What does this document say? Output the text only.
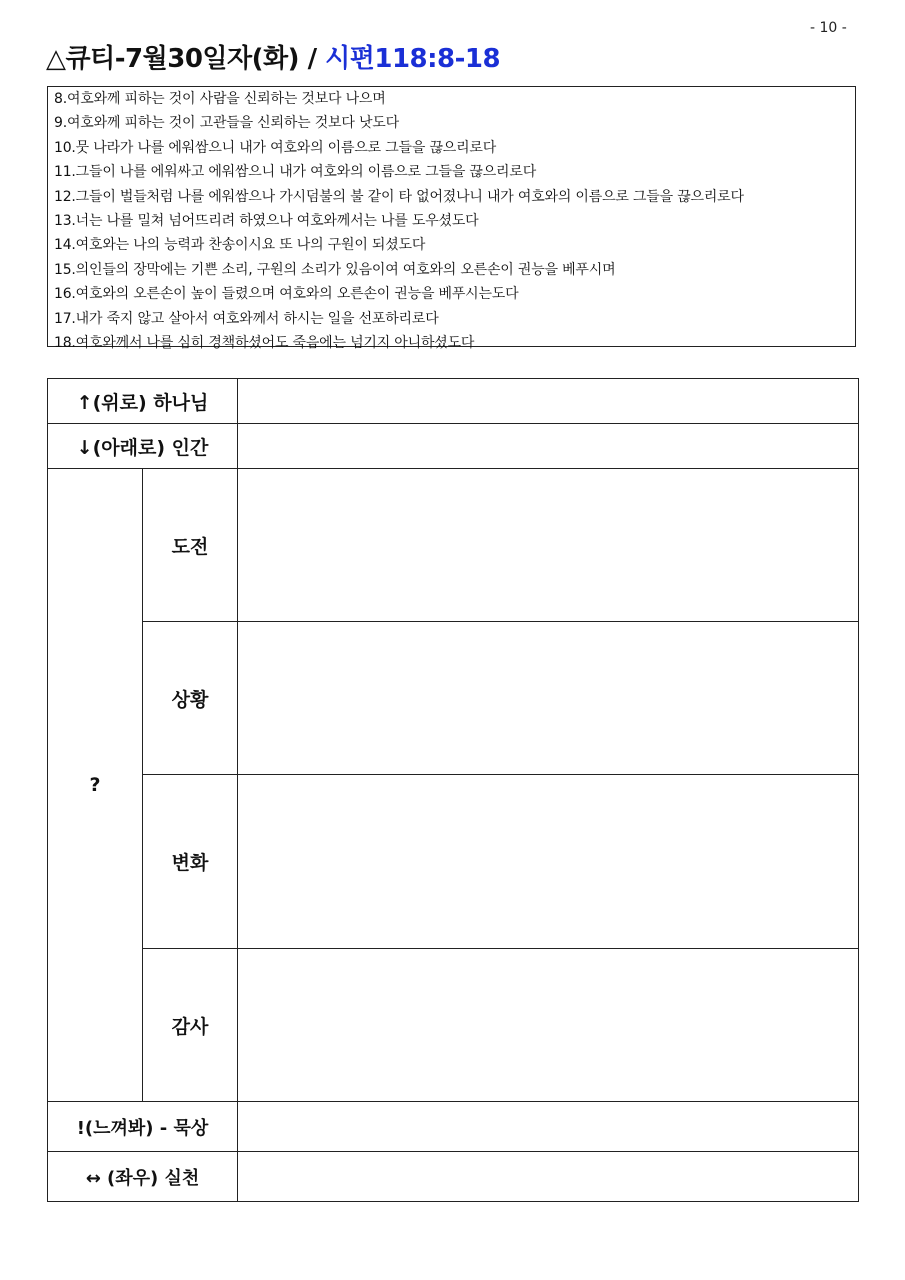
- 10 -
△큐티-7월30일자(화) / 시편118:8-18
8.여호와께 피하는 것이 사람을 신뢰하는 것보다 나으며
9.여호와께 피하는 것이 고관들을 신뢰하는 것보다 낫도다
10.뭇 나라가 나를 에워쌈으니 내가 여호와의 이름으로 그들을 끊으리로다
11.그들이 나를 에워싸고 에워쌈으니 내가 여호와의 이름으로 그들을 끊으리로다
12.그들이 벌들처럼 나를 에워쌈으나 가시덤불의 불 같이 타 없어졌나니 내가 여호와의 이름으로 그들을 끊으리로다
13.너는 나를 밀쳐 넘어뜨리려 하였으나 여호와께서는 나를 도우셨도다
14.여호와는 나의 능력과 찬송이시요 또 나의 구원이 되셨도다
15.의인들의 장막에는 기쁜 소리, 구원의 소리가 있음이여 여호와의 오른손이 권능을 베푸시며
16.여호와의 오른손이 높이 들렸으며 여호와의 오른손이 권능을 베푸시는도다
17.내가 죽지 않고 살아서 여호와께서 하시는 일을 선포하리로다
18.여호와께서 나를 심히 경책하셨어도 죽음에는 넘기지 아니하셨도다
↑(위로) 하나님		
↓(아래로) 인간		
?	도전	
	상황	
	변화	
	감사	
!(느껴봐) - 묵상		
↔ (좌우) 실천		
